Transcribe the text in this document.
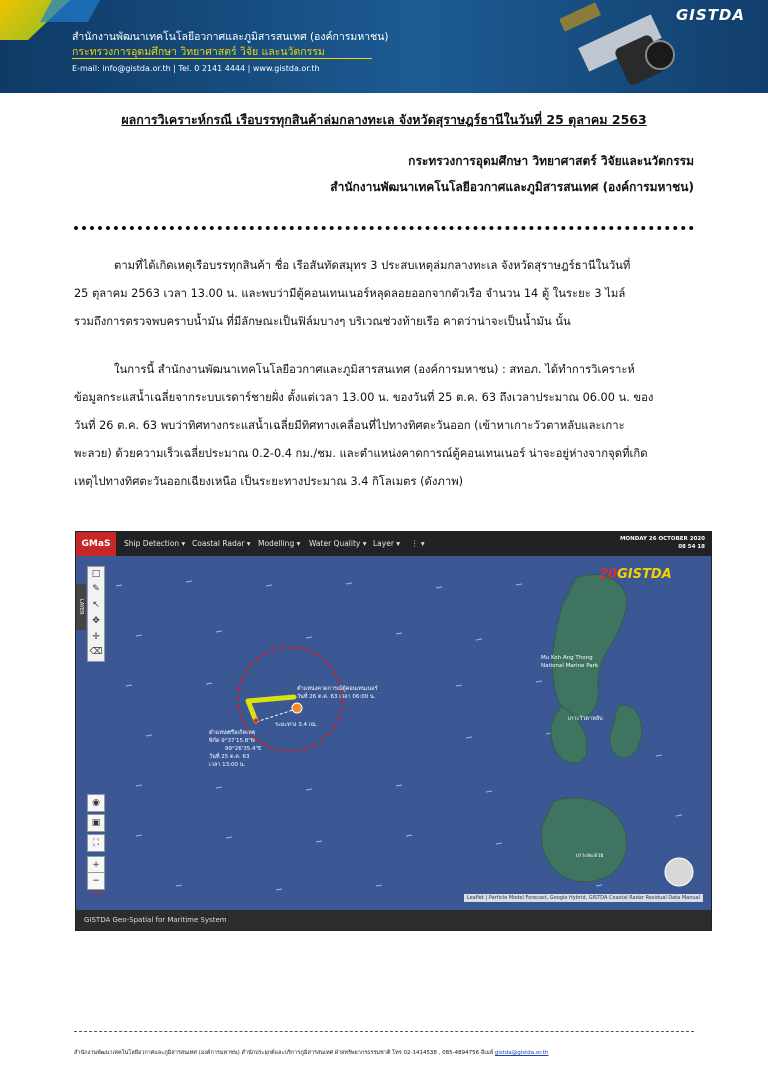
สำนักงานพัฒนาเทคโนโลยีอวกาศและภูมิสารสนเทศ (องค์การมหาชน)
กระทรวงการอุดมศึกษา วิทยาศาสตร์ วิจัย และนวัตกรรม
E-mail: info@gistda.or.th | Tel. 0 2141 4444 | www.gistda.or.th
GISTDA
ผลการวิเคราะห์กรณี เรือบรรทุกสินค้าล่มกลางทะเล จังหวัดสุราษฎร์ธานีในวันที่ 25 ตุลาคม 2563
กระทรวงการอุดมศึกษา วิทยาศาสตร์ วิจัยและนวัตกรรม
สำนักงานพัฒนาเทคโนโลยีอวกาศและภูมิสารสนเทศ (องค์การมหาชน)
ตามที่ได้เกิดเหตุเรือบรรทุกสินค้า ชื่อ เรือสันทัดสมุทร 3 ประสบเหตุล่มกลางทะเล จังหวัดสุราษฎร์ธานีในวันที่
25 ตุลาคม 2563 เวลา 13.00 น. และพบว่ามีตู้คอนเทนเนอร์หลุดลอยออกจากตัวเรือ จำนวน 14 ตู้ ในระยะ 3 ไมล์
รวมถึงการตรวจพบคราบน้ำมัน ที่มีลักษณะเป็นฟิล์มบางๆ บริเวณช่วงท้ายเรือ คาดว่าน่าจะเป็นน้ำมัน นั้น
ในการนี้ สำนักงานพัฒนาเทคโนโลยีอวกาศและภูมิสารสนเทศ (องค์การมหาชน) : สทอภ. ได้ทำการวิเคราะห์
ข้อมูลกระแสน้ำเฉลี่ยจากระบบเรดาร์ชายฝั่ง ตั้งแต่เวลา 13.00 น. ของวันที่ 25 ต.ค. 63 ถึงเวลาประมาณ 06.00 น. ของ
วันที่ 26 ต.ค. 63 พบว่าทิศทางกระแสน้ำเฉลี่ยมีทิศทางเคลื่อนที่ไปทางทิศตะวันออก (เข้าหาเกาะวัวตาหลับและเกาะ
พะลวย) ด้วยความเร็วเฉลี่ยประมาณ 0.2-0.4 กม./ชม. และตำแหน่งคาดการณ์ตู้คอนเทนเนอร์ น่าจะอยู่ห่างจากจุดที่เกิด
เหตุไปทางทิศตะวันออกเฉียงเหนือ เป็นระยะทางประมาณ 3.4 กิโลเมตร (ดังภาพ)
GMaS	Ship Detection ▾ Coastal Radar ▾ Modelling ▾ Water Quality ▾ Layer ▾ ⋮ ▾	MONDAY 26 OCTOBER 2020
08 54 18
★
LAYER
□
✎
↖
✥
✛
⌫
◉
▣
⛶
+
−
ตำแหน่งคาดการณ์ตู้คอนเทนเนอร์
วันที่ 26 ต.ค. 63 เวลา 06:00 น.
ระยะทาง 3.4 กม.
ตำแหน่งเรือเกิดเหตุ
พิกัด 9°37'15.8"N
99°26'35.4"E
วันที่ 25 ต.ค. 63
เวลา 13:00 น.
Mu Koh Ang Thong
National Marine Park
เกาะวัวตาหลับ
เกาะพะลวย
20GISTDA
3 km
Leaflet | Particle Model Forecast, Google Hybrid, GISTDA Coastal Radar Residual Data Manual
GISTDA Geo-Spatial for Maritime System
สำนักงานพัฒนาเทคโนโลยีอวกาศและภูมิสารสนเทศ (องค์การมหาชน) สำนักประยุกต์และบริการภูมิสารสนเทศ ฝ่ายทรัพยากรธรรมชาติ โทร 02-1414538 , 085-4894756 อีเมล์ gistda@gistda.or.th
